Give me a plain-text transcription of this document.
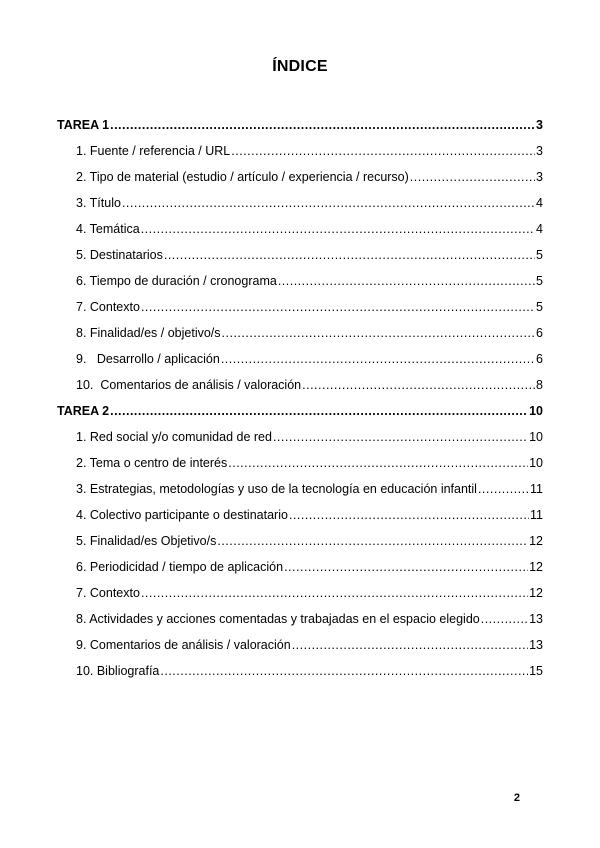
ÍNDICE
TAREA 1 .....	3
1. Fuente / referencia / URL .....	3
2. Tipo de material (estudio / artículo / experiencia / recurso) .....	3
3. Título .....	4
4. Temática .....	4
5. Destinatarios .....	5
6. Tiempo de duración / cronograma .....	5
7. Contexto .....	5
8. Finalidad/es / objetivo/s .....	6
9.   Desarrollo / aplicación .....	6
10.  Comentarios de análisis / valoración .....	8
TAREA 2 .....	10
1. Red social y/o comunidad de red .....	10
2. Tema o centro de interés .....	10
3. Estrategias, metodologías y uso de la tecnología en educación infantil .....	11
4. Colectivo participante o destinatario .....	11
5. Finalidad/es Objetivo/s .....	12
6. Periodicidad / tiempo de aplicación .....	12
7. Contexto .....	12
8. Actividades y acciones comentadas y trabajadas en el espacio elegido .....	13
9. Comentarios de análisis / valoración .....	13
10. Bibliografía .....	15
2
